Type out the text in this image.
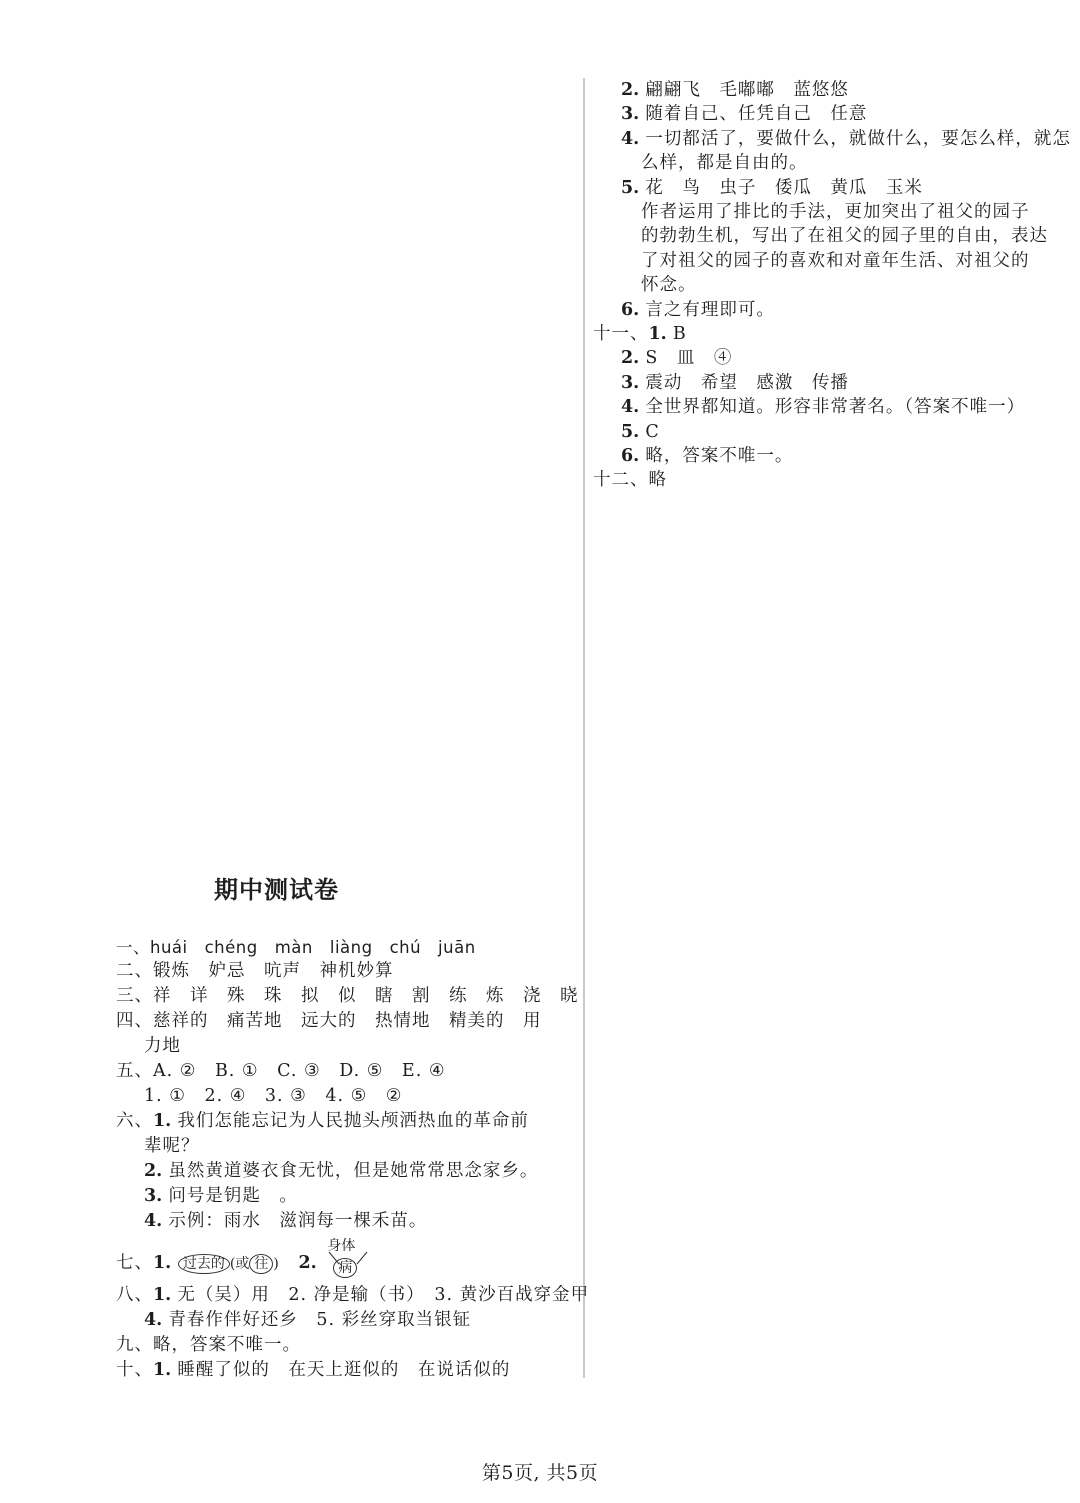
2. 翩翩飞　毛嘟嘟　蓝悠悠
3. 随着自己、任凭自己　任意
4. 一切都活了，要做什么，就做什么，要怎么样，就怎
么样，都是自由的。
5. 花　鸟　虫子　倭瓜　黄瓜　玉米
作者运用了排比的手法，更加突出了祖父的园子
的勃勃生机，写出了在祖父的园子里的自由，表达
了对祖父的园子的喜欢和对童年生活、对祖父的
怀念。
6. 言之有理即可。
十一、1. B
2. S　皿　④
3. 震动　希望　感激　传播
4. 全世界都知道。形容非常著名。（答案不唯一）
5. C
6. 略，答案不唯一。
十二、略
期中测试卷
一、huái　chéng　màn　liàng　chú　juān
二、锻炼　妒忌　吭声　神机妙算
三、祥　详　殊　珠　拟　似　瞎　割　练　炼　浇　晓
四、慈祥的　痛苦地　远大的　热情地　精美的　用
力地
五、A. ②　B. ①　C. ③　D. ⑤　E. ④
1. ①　2. ④　3. ③　4. ⑤　②
六、1. 我们怎能忘记为人民抛头颅洒热血的革命前
辈呢？
2. 虽然黄道婆衣食无忧，但是她常常思念家乡。
3. 问号是钥匙　。
4. 示例：雨水　滋润每一棵禾苗。
七、1. 过去的 (或 往 ) 2.
身体
病
八、1. 无（吴）用　2. 净是输（书）　3. 黄沙百战穿金甲
4. 青春作伴好还乡　5. 彩丝穿取当银钲
九、略，答案不唯一。
十、1. 睡醒了似的　在天上逛似的　在说话似的
第5页, 共5页
